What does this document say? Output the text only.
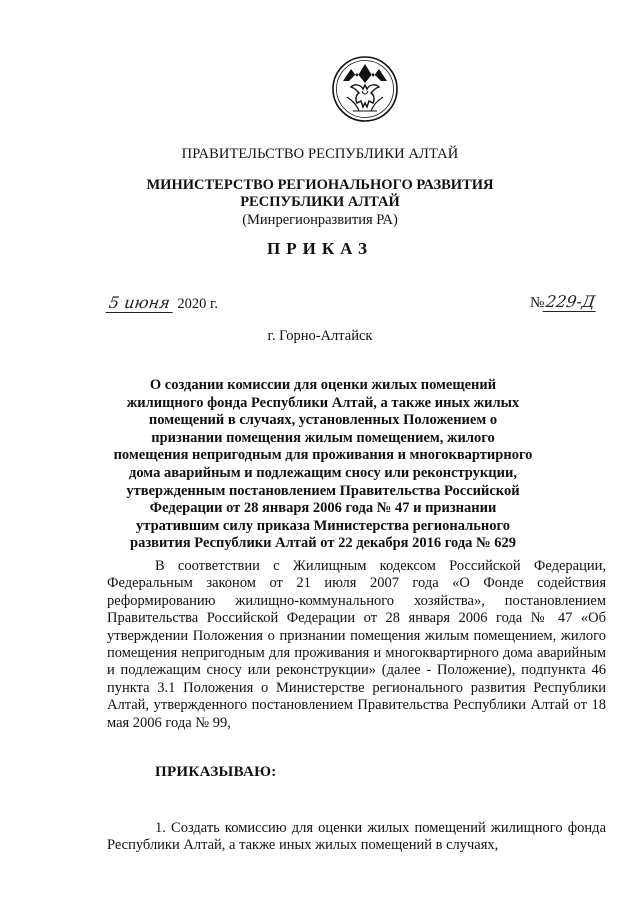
ПРАВИТЕЛЬСТВО РЕСПУБЛИКИ АЛТАЙ
МИНИСТЕРСТВО РЕГИОНАЛЬНОГО РАЗВИТИЯ
РЕСПУБЛИКИ АЛТАЙ
(Минрегионразвития РА)
ПРИКАЗ
5 июня 2020 г.	№229-Д
г. Горно-Алтайск
О создании комиссии для оценки жилых помещений жилищного фонда Республики Алтай, а также иных жилых помещений в случаях, установленных Положением о признании помещения жилым помещением, жилого помещения непригодным для проживания и многоквартирного дома аварийным и подлежащим сносу или реконструкции, утвержденным постановлением Правительства Российской Федерации от 28 января 2006 года № 47 и признании утратившим силу приказа Министерства регионального развития Республики Алтай от 22 декабря 2016 года № 629
В соответствии с Жилищным кодексом Российской Федерации, Федеральным законом от 21 июля 2007 года «О Фонде содействия реформированию жилищно-коммунального хозяйства», постановлением Правительства Российской Федерации от 28 января 2006 года № 47 «Об утверждении Положения о признании помещения жилым помещением, жилого помещения непригодным для проживания и многоквартирного дома аварийным и подлежащим сносу или реконструкции» (далее - Положение), подпункта 46 пункта 3.1 Положения о Министерстве регионального развития Республики Алтай, утвержденного постановлением Правительства Республики Алтай от 18 мая 2006 года № 99,
ПРИКАЗЫВАЮ:
1. Создать комиссию для оценки жилых помещений жилищного фонда Республики Алтай, а также иных жилых помещений в случаях,
